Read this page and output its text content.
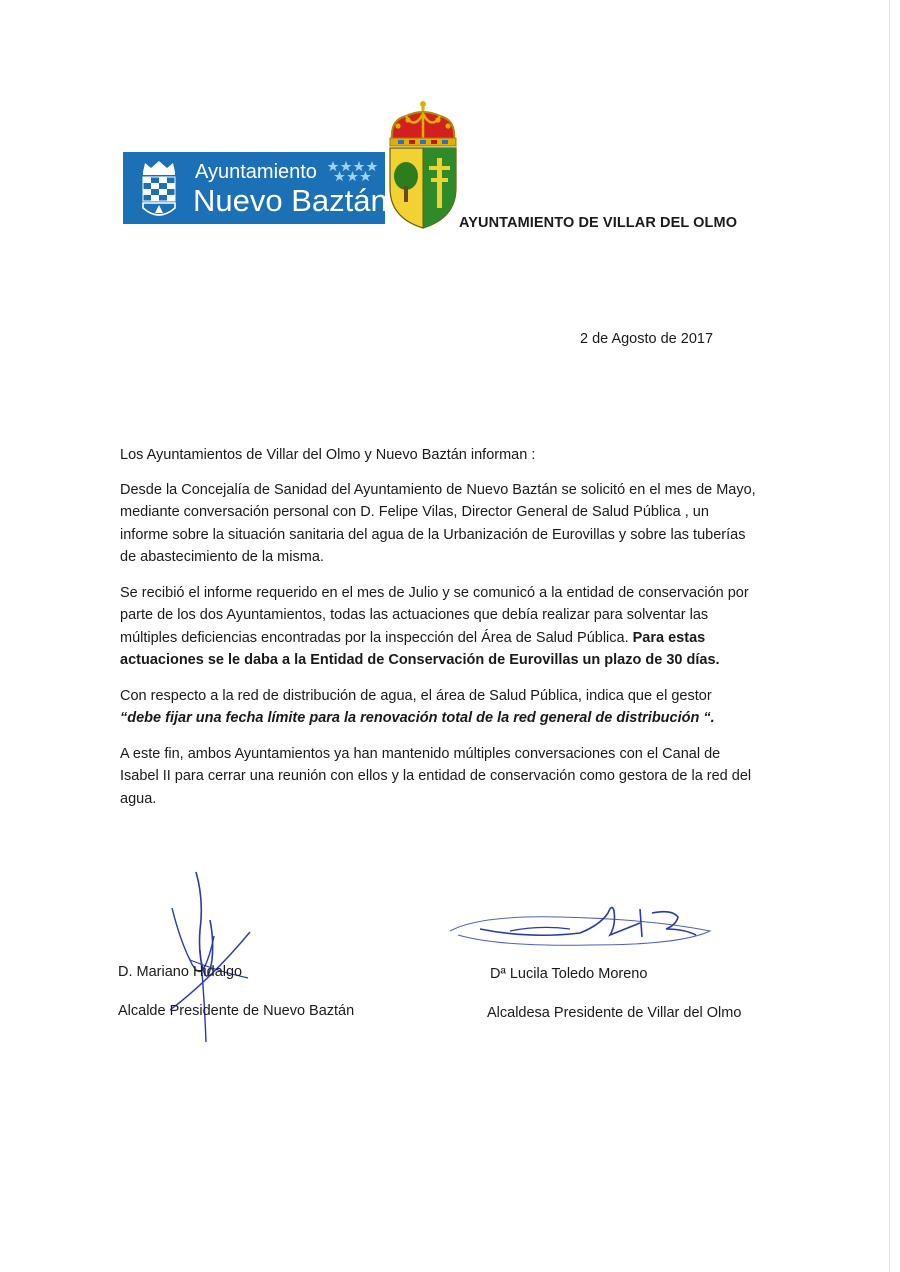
Ayuntamiento
Nuevo Baztán
AYUNTAMIENTO DE VILLAR DEL OLMO
2 de Agosto de 2017

Los Ayuntamientos de Villar del Olmo y Nuevo Baztán informan :

Desde la Concejalía de Sanidad del Ayuntamiento de Nuevo Baztán se solicitó en el mes de Mayo, mediante conversación personal con D. Felipe Vilas, Director General de Salud Pública , un informe sobre la situación sanitaria del agua de la Urbanización de Eurovillas y sobre las tuberías de abastecimiento de la misma.

Se recibió el informe requerido en el mes de Julio y se comunicó a la entidad de conservación por parte de los dos Ayuntamientos, todas las actuaciones que debía realizar para solventar las múltiples deficiencias encontradas por la inspección del Área de Salud Pública. Para estas actuaciones se le daba a la Entidad de Conservación de Eurovillas un plazo de 30 días.

Con respecto a la red de distribución de agua, el área de Salud Pública, indica que el gestor
“debe fijar una fecha límite para la renovación total de la red general de distribución “.

A este fin, ambos Ayuntamientos ya han mantenido múltiples conversaciones con el Canal de Isabel II para cerrar una reunión con ellos y la entidad de conservación como gestora de la red del agua.

D. Mariano Hidalgo
Alcalde Presidente de Nuevo Baztán
Dª Lucila Toledo Moreno
Alcaldesa Presidente de Villar del Olmo
